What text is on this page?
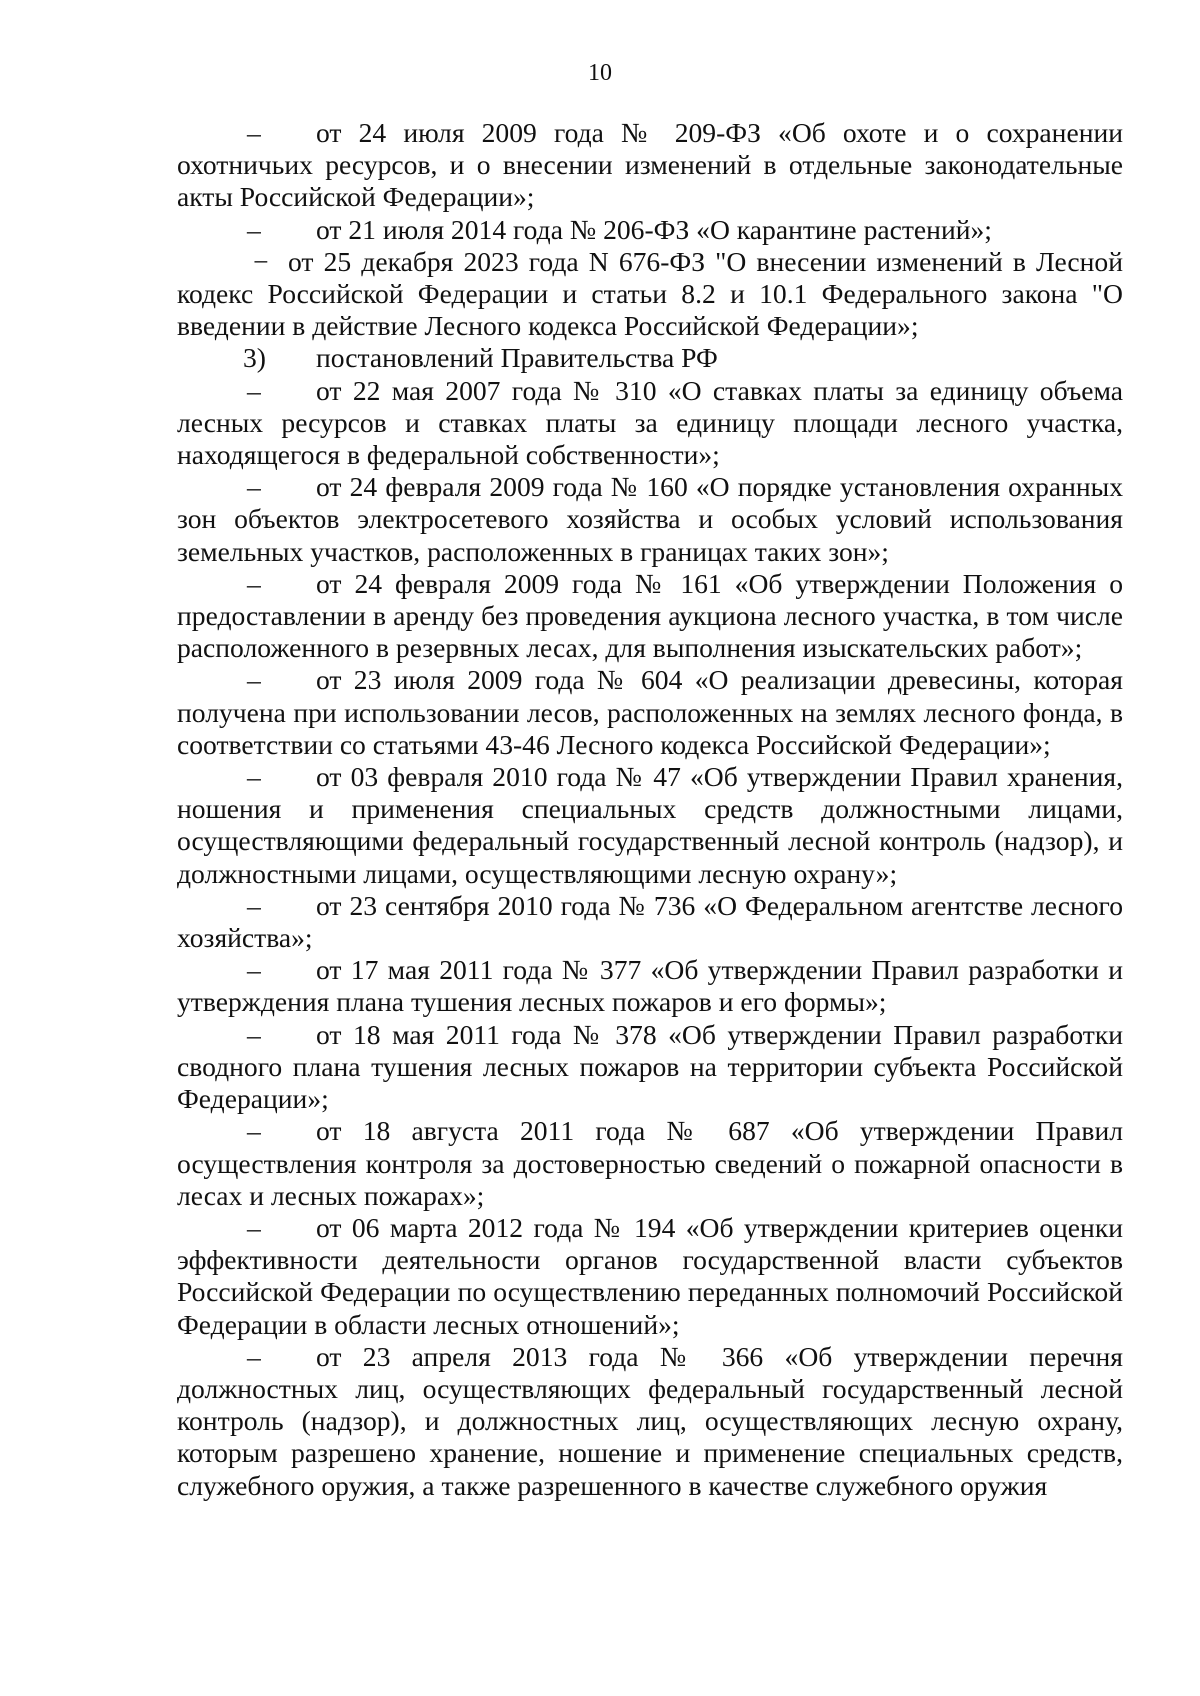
10

– от 24 июля 2009 года № 209-ФЗ «Об охоте и о сохранении охотничьих ресурсов, и о внесении изменений в отдельные законодательные акты Российской Федерации»;

– от 21 июля 2014 года № 206-ФЗ «О карантине растений»;

− от 25 декабря 2023 года N 676-ФЗ "О внесении изменений в Лесной кодекс Российской Федерации и статьи 8.2 и 10.1 Федерального закона "О введении в действие Лесного кодекса Российской Федерации»;

3) постановлений Правительства РФ

– от 22 мая 2007 года № 310 «О ставках платы за единицу объема лесных ресурсов и ставках платы за единицу площади лесного участка, находящегося в федеральной собственности»;

– от 24 февраля 2009 года № 160 «О порядке установления охранных зон объектов электросетевого хозяйства и особых условий использования земельных участков, расположенных в границах таких зон»;

– от 24 февраля 2009 года № 161 «Об утверждении Положения о предоставлении в аренду без проведения аукциона лесного участка, в том числе расположенного в резервных лесах, для выполнения изыскательских работ»;

– от 23 июля 2009 года № 604 «О реализации древесины, которая получена при использовании лесов, расположенных на землях лесного фонда, в соответствии со статьями 43-46 Лесного кодекса Российской Федерации»;

– от 03 февраля 2010 года № 47 «Об утверждении Правил хранения, ношения и применения специальных средств должностными лицами, осуществляющими федеральный государственный лесной контроль (надзор), и должностными лицами, осуществляющими лесную охрану»;

– от 23 сентября 2010 года № 736 «О Федеральном агентстве лесного хозяйства»;

– от 17 мая 2011 года № 377 «Об утверждении Правил разработки и утверждения плана тушения лесных пожаров и его формы»;

– от 18 мая 2011 года № 378 «Об утверждении Правил разработки сводного плана тушения лесных пожаров на территории субъекта Российской Федерации»;

– от 18 августа 2011 года № 687 «Об утверждении Правил осуществления контроля за достоверностью сведений о пожарной опасности в лесах и лесных пожарах»;

– от 06 марта 2012 года № 194 «Об утверждении критериев оценки эффективности деятельности органов государственной власти субъектов Российской Федерации по осуществлению переданных полномочий Российской Федерации в области лесных отношений»;

– от 23 апреля 2013 года № 366 «Об утверждении перечня должностных лиц, осуществляющих федеральный государственный лесной контроль (надзор), и должностных лиц, осуществляющих лесную охрану, которым разрешено хранение, ношение и применение специальных средств, служебного оружия, а также разрешенного в качестве служебного оружия
